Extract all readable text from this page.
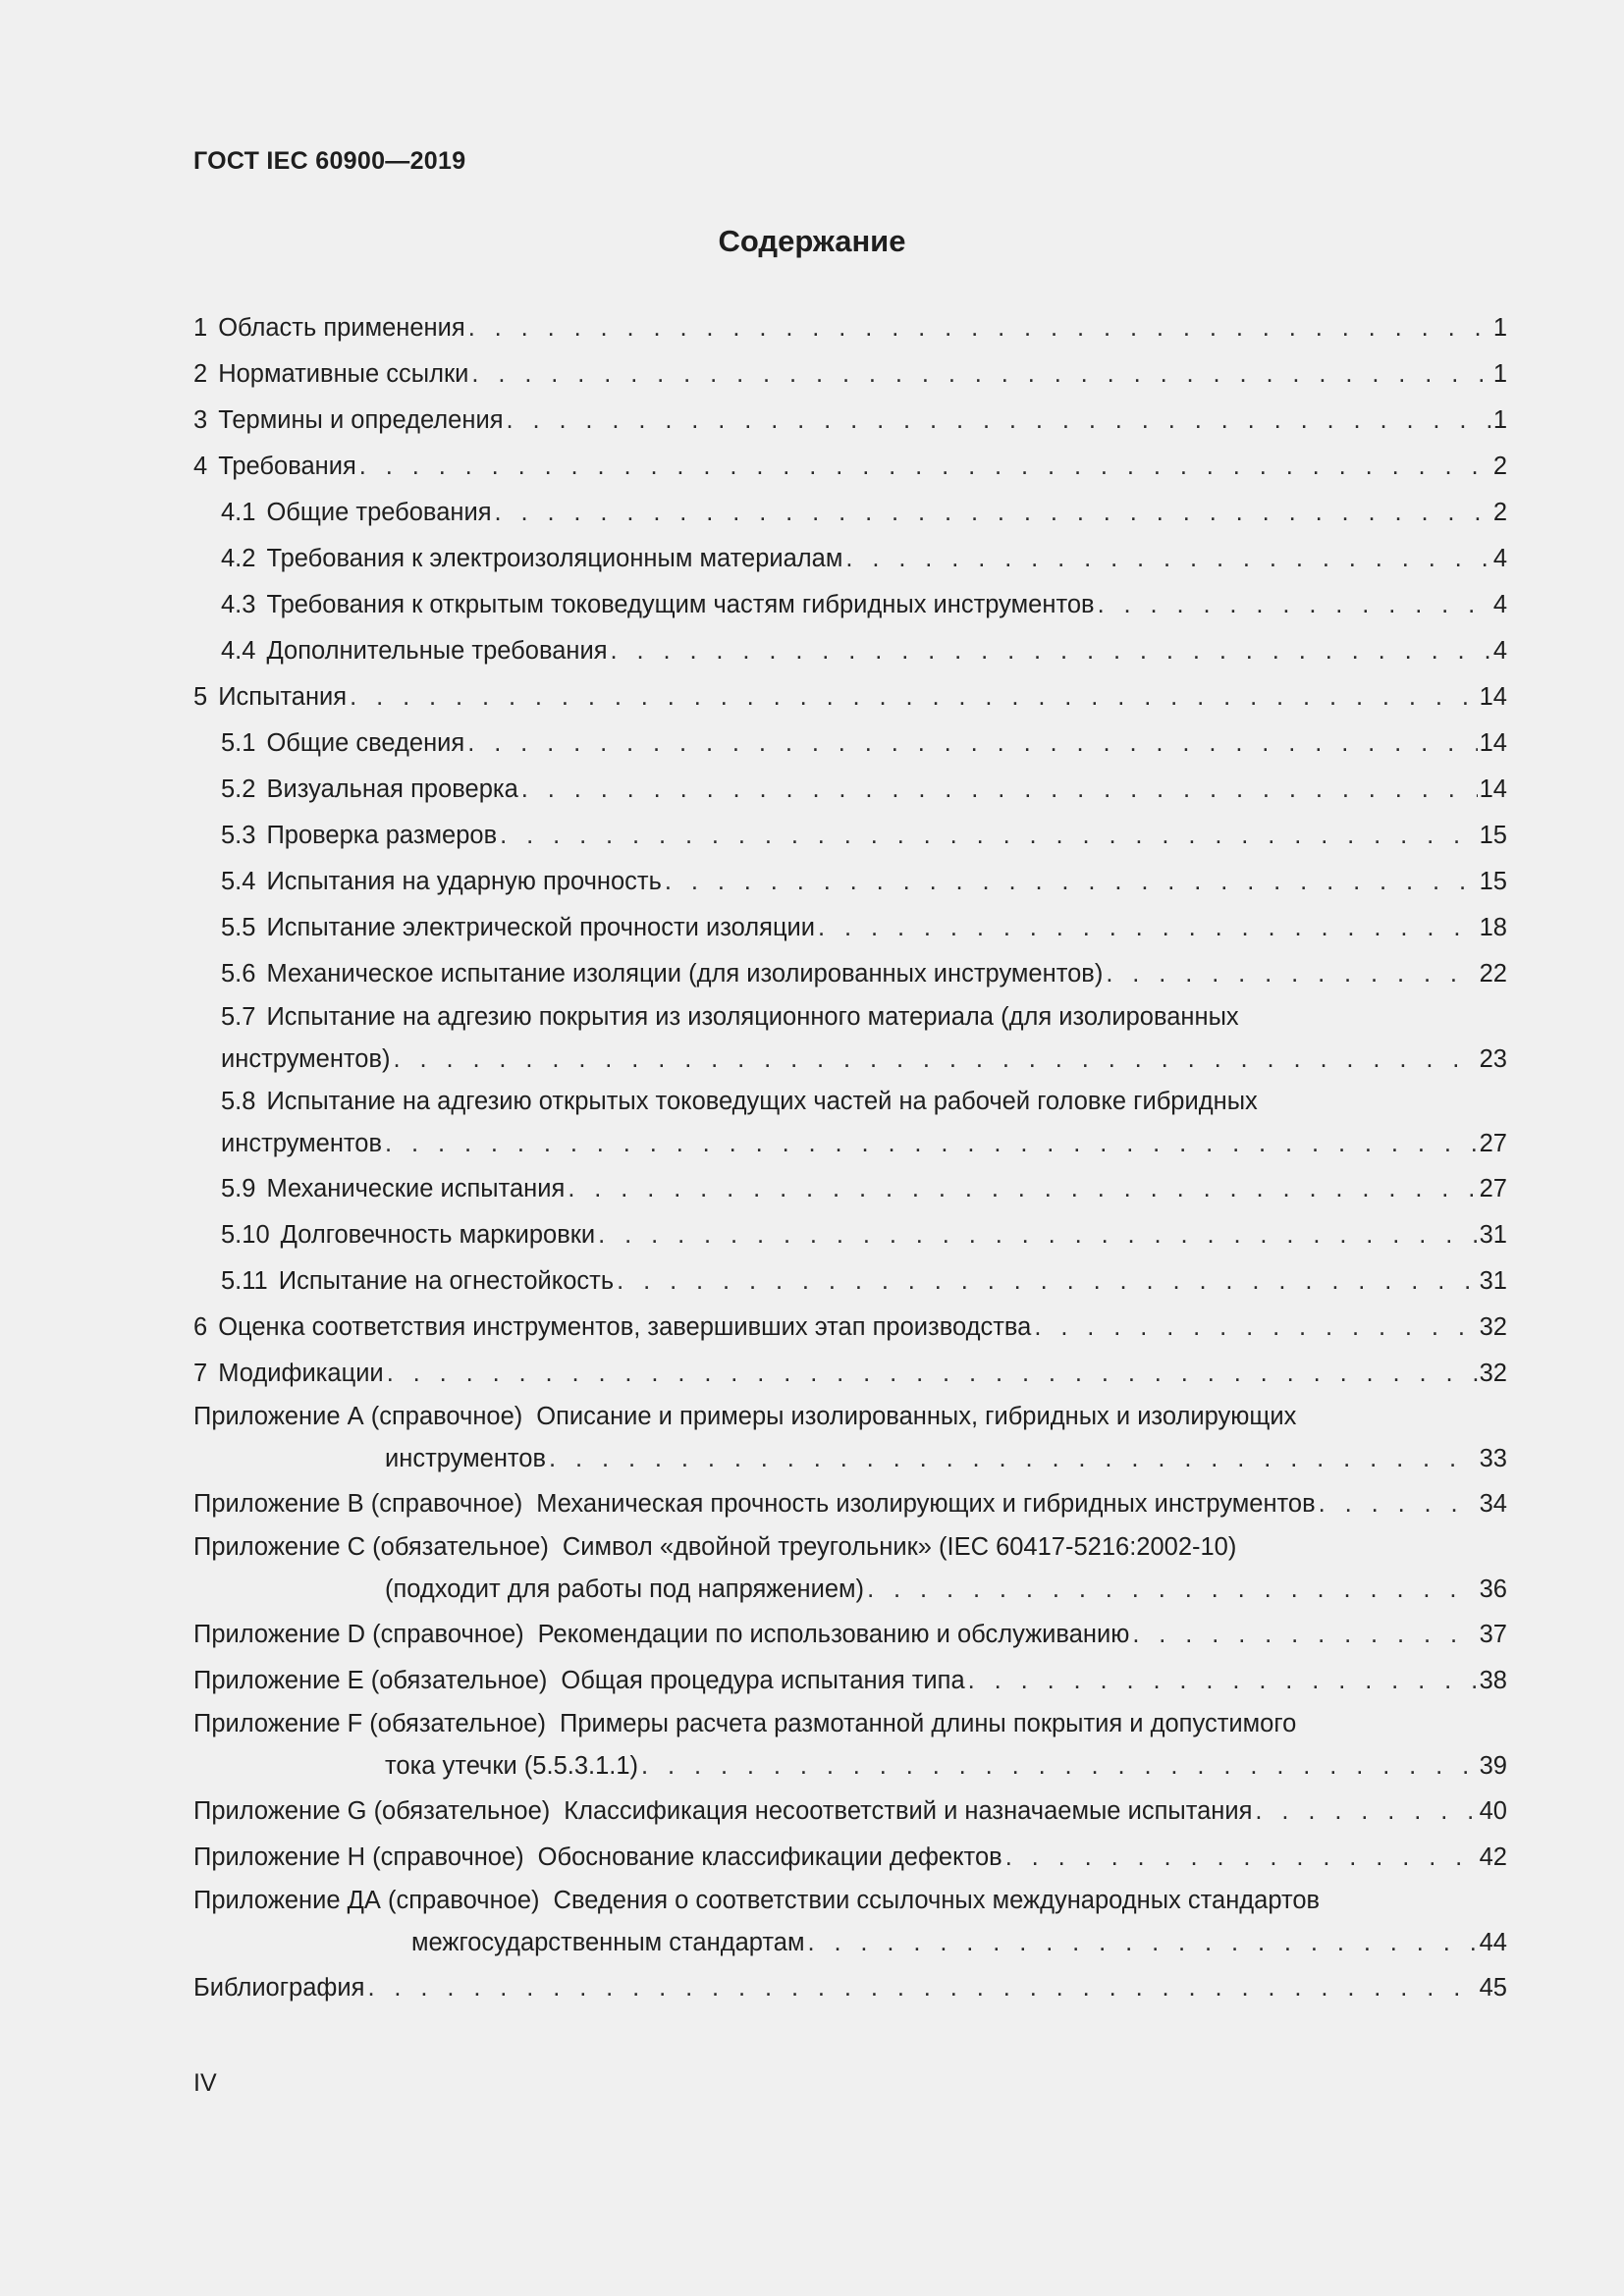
ГОСТ IEC 60900—2019
Содержание
1 Область применения . . .	1
2 Нормативные ссылки . . .	1
3 Термины и определения . . .	1
4 Требования . . .	2
4.1 Общие требования . . .	2
4.2 Требования к электроизоляционным материалам . . .	4
4.3 Требования к открытым токоведущим частям гибридных инструментов . . .	4
4.4 Дополнительные требования . . .	4
5 Испытания . . .	14
5.1 Общие сведения . . .	14
5.2 Визуальная проверка . . .	14
5.3 Проверка размеров . . .	15
5.4 Испытания на ударную прочность . . .	15
5.5 Испытание электрической прочности изоляции . . .	18
5.6 Механическое испытание изоляции (для изолированных инструментов) . . .	22
5.7 Испытание на адгезию покрытия из изоляционного материала (для изолированных
инструментов) . . .	23
5.8 Испытание на адгезию открытых токоведущих частей на рабочей головке гибридных
инструментов . . .	27
5.9 Механические испытания . . .	27
5.10 Долговечность маркировки . . .	31
5.11 Испытание на огнестойкость . . .	31
6 Оценка соответствия инструментов, завершивших этап производства . . .	32
7 Модификации . . .	32
Приложение А (справочное) Описание и примеры изолированных, гибридных и изолирующих
инструментов . . .	33
Приложение В (справочное) Механическая прочность изолирующих и гибридных инструментов . . .	34
Приложение С (обязательное) Символ «двойной треугольник» (IEC 60417-5216:2002-10)
(подходит для работы под напряжением) . . .	36
Приложение D (справочное) Рекомендации по использованию и обслуживанию . . .	37
Приложение Е (обязательное) Общая процедура испытания типа . . .	38
Приложение F (обязательное) Примеры расчета размотанной длины покрытия и допустимого
тока утечки (5.5.3.1.1) . . .	39
Приложение G (обязательное) Классификация несоответствий и назначаемые испытания . . .	40
Приложение Н (справочное) Обоснование классификации дефектов . . .	42
Приложение ДА (справочное) Сведения о соответствии ссылочных международных стандартов
межгосударственным стандартам . . .	44
Библиография . . .	45
IV
